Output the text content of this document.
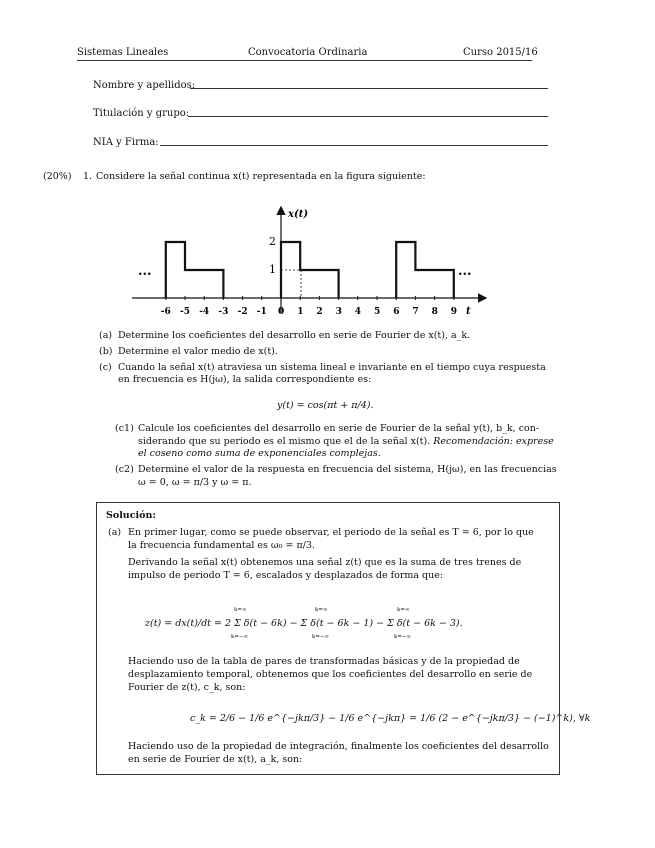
Sistemas Lineales	Convocatoria Ordinaria	Curso 2015/16
Nombre y apellidos:
Titulación y grupo:
NIA y Firma:
(20%) 1. Considere la señal continua x(t) representada en la figura siguiente:
x(t)
2
1
t
...	...
-6 -5 -4 -3 -2 -1 0 1 2 3 4 5 6 7 8 9
(a) Determine los coeficientes del desarrollo en serie de Fourier de x(t), a_k.
(b) Determine el valor medio de x(t).
(c) Cuando la señal x(t) atraviesa un sistema lineal e invariante en el tiempo cuya respuesta
en frecuencia es H(jω), la salida correspondiente es:
y(t) = cos(πt + π/4).
(c1) Calcule los coeficientes del desarrollo en serie de Fourier de la señal y(t), b_k, con-
siderando que su periodo es el mismo que el de la señal x(t). Recomendación: exprese
el coseno como suma de exponenciales complejas.
(c2) Determine el valor de la respuesta en frecuencia del sistema, H(jω), en las frecuencias
ω = 0, ω = π/3 y ω = π.
Solución:
(a) En primer lugar, como se puede observar, el periodo de la señal es T = 6, por lo que
la frecuencia fundamental es ω₀ = π/3.
Derivando la señal x(t) obtenemos una señal z(t) que es la suma de tres trenes de
impulso de periodo T = 6, escalados y desplazados de forma que:
k=∞	k=∞	k=∞
z(t) = dx(t)/dt = 2 Σ δ(t − 6k) − Σ δ(t − 6k − 1) − Σ δ(t − 6k − 3).
k=−∞	k=−∞	k=−∞
Haciendo uso de la tabla de pares de transformadas básicas y de la propiedad de
desplazamiento temporal, obtenemos que los coeficientes del desarrollo en serie de
Fourier de z(t), c_k, son:
c_k = 2/6 − 1/6 e^{−jkπ/3} − 1/6 e^{−jkπ} = 1/6 (2 − e^{−jkπ/3} − (−1)^k), ∀k
Haciendo uso de la propiedad de integración, finalmente los coeficientes del desarrollo
en serie de Fourier de x(t), a_k, son:
